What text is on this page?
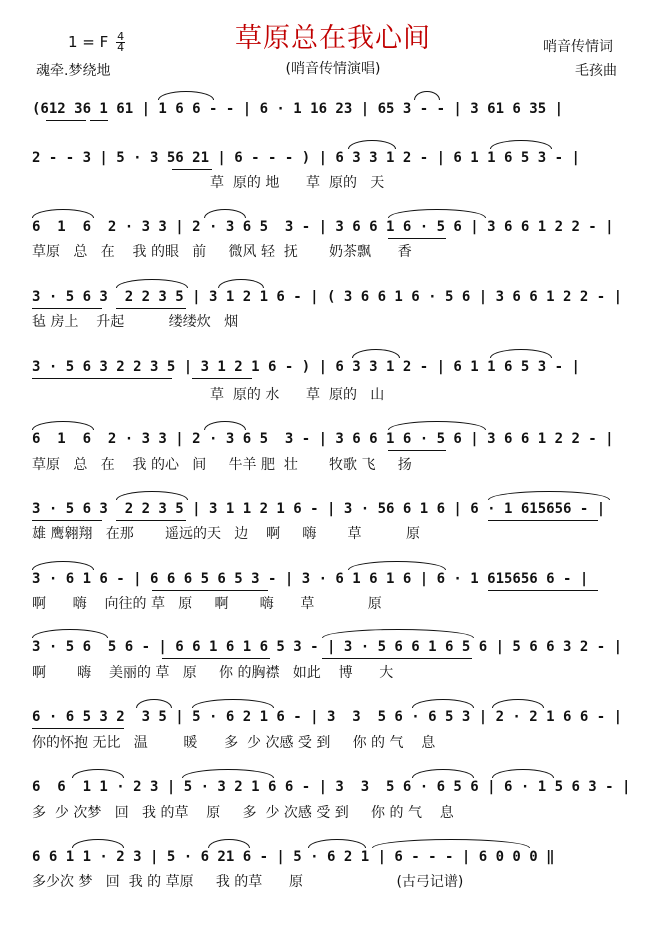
草原总在我心间
(哨音传情演唱)
1 = F $\frac{4}{4}$
魂牵.梦绕地
哨音传情词
毛孩曲
(612 36 1 61 | 1 6 6 - - | 6 · 1 16 23 | 65 3 - - | 3 61 6 35 |
2 - - 3 | 5 · 3 56 21 | 6 - - - ) | 6 3 3 1 2 - | 6 1 1 6 5 3 - |
草  原的 地      草  原的   天
6  1  6  2 · 3 3 | 2 · 3 6 5  3 - | 3 6 6 1 6 · 5 6 | 3 6 6 1 2 2 - |
草原   总   在    我 的眼   前     微风 轻  抚       奶茶飘      香
3 · 5 6 3  2 2 3 5 | 3 1 2 1 6 - | ( 3 6 6 1 6 · 5 6 | 3 6 6 1 2 2 - |
毡 房上    升起          缕缕炊   烟
3 · 5 6 3 2 2 3 5 | 3 1 2 1 6 - ) | 6 3 3 1 2 - | 6 1 1 6 5 3 - |
草  原的 水      草  原的   山
6  1  6  2 · 3 3 | 2 · 3 6 5  3 - | 3 6 6 1 6 · 5 6 | 3 6 6 1 2 2 - |
草原   总   在    我 的心   间     牛羊 肥  壮       牧歌 飞     扬
3 · 5 6 3  2 2 3 5 | 3 1 1 2 1 6 - | 3 · 56 6 1 6 | 6 · 1 615656 - |
雄 鹰翱翔   在那       遥远的天   边    啊     嗨       草          原
3 · 6 1 6 - | 6 6 6 5 6 5 3 - | 3 · 6 1 6 1 6 | 6 · 1 615656 6 - |
啊      嗨    向往的 草   原     啊       嗨      草            原
3 · 5 6  5 6 - | 6 6 1 6 1 6 5 3 - | 3 · 5 6 6 1 6 5 6 | 5 6 6 3 2 - |
啊       嗨    美丽的 草   原     你 的胸襟   如此    博      大
6 · 6 5 3 2  3 5 | 5 · 6 2 1 6 - | 3  3  5 6 · 6 5 3 | 2 · 2 1 6 6 - |
你的怀抱 无比   温        暖      多  少 次感 受 到     你 的 气    息
6  6  1 1 · 2 3 | 5 · 3 2 1 6 6 - | 3  3  5 6 · 6 5 6 | 6 · 1 5 6 3 - |
多  少 次梦   回   我 的草    原     多  少 次感 受 到     你 的 气    息
6 6 1 1 · 2 3 | 5 · 6 21 6 - | 5 · 6 2 1 | 6 - - - | 6 0 0 0 ‖
多少次 梦   回  我 的 草原     我 的草      原                     (古弓记谱)
